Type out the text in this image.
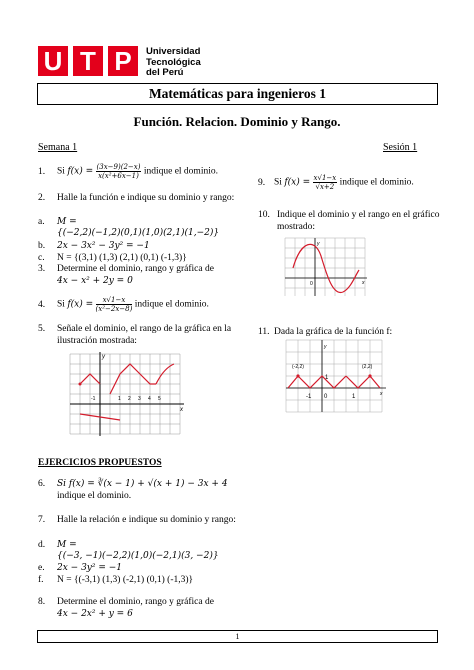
U T P	Universidad
Tecnológica
del Perú
Matemáticas para ingenieros 1
Función. Relacion. Dominio y Rango.
Semana 1	Sesión 1
1. Si $f(x) = \frac{(3x-9)(2-x)}{\text{x(x²+6x−1)}}$ indique el dominio.
2.	Halle la función e indique su dominio y rango:
a. M =
{(−2,2)(−1,2)(0,1)(1,0)(2,1)(1,−2)}
b. 2x − 3x² − 3y² = −1
c. N = {(3,1) (1,3) (2,1) (0,1) (-1,3)}
3. Determine el dominio, rango y gráfica de
4x − x² + 2y = 0
4. Si $f(x) = \frac{x√1-x}{\text{(x²−2x−8)}}$ indique el dominio.
5.	Señale el dominio, el rango de la gráfica en la ilustración mostrada:
y
x
1 2 3 4 5
-1
9. Si $f(x) = \frac{x√1-x}{√x+2}$ indique el dominio.
10. Indique el dominio y el rango en el gráfico mostrado:
y
x
0
11. Dada la gráfica de la función f:
y
x
(-2,2)	(2,2)
1
-1 0	1
EJERCICIOS PROPUESTOS
6. Si f(x) = ∛(x − 1) + √(x + 1) − 3x + 4
indique el dominio.
7.	Halle la relación e indique su dominio y rango:
d. M =
{(−3, −1)(−2,2)(1,0)(−2,1)(3, −2)}
e. 2x − 3y² = −1
f. N = {(-3,1) (1,3) (-2,1) (0,1) (-1,3)}
8. Determine el dominio, rango y gráfica de
4x − 2x² + y = 6
1
